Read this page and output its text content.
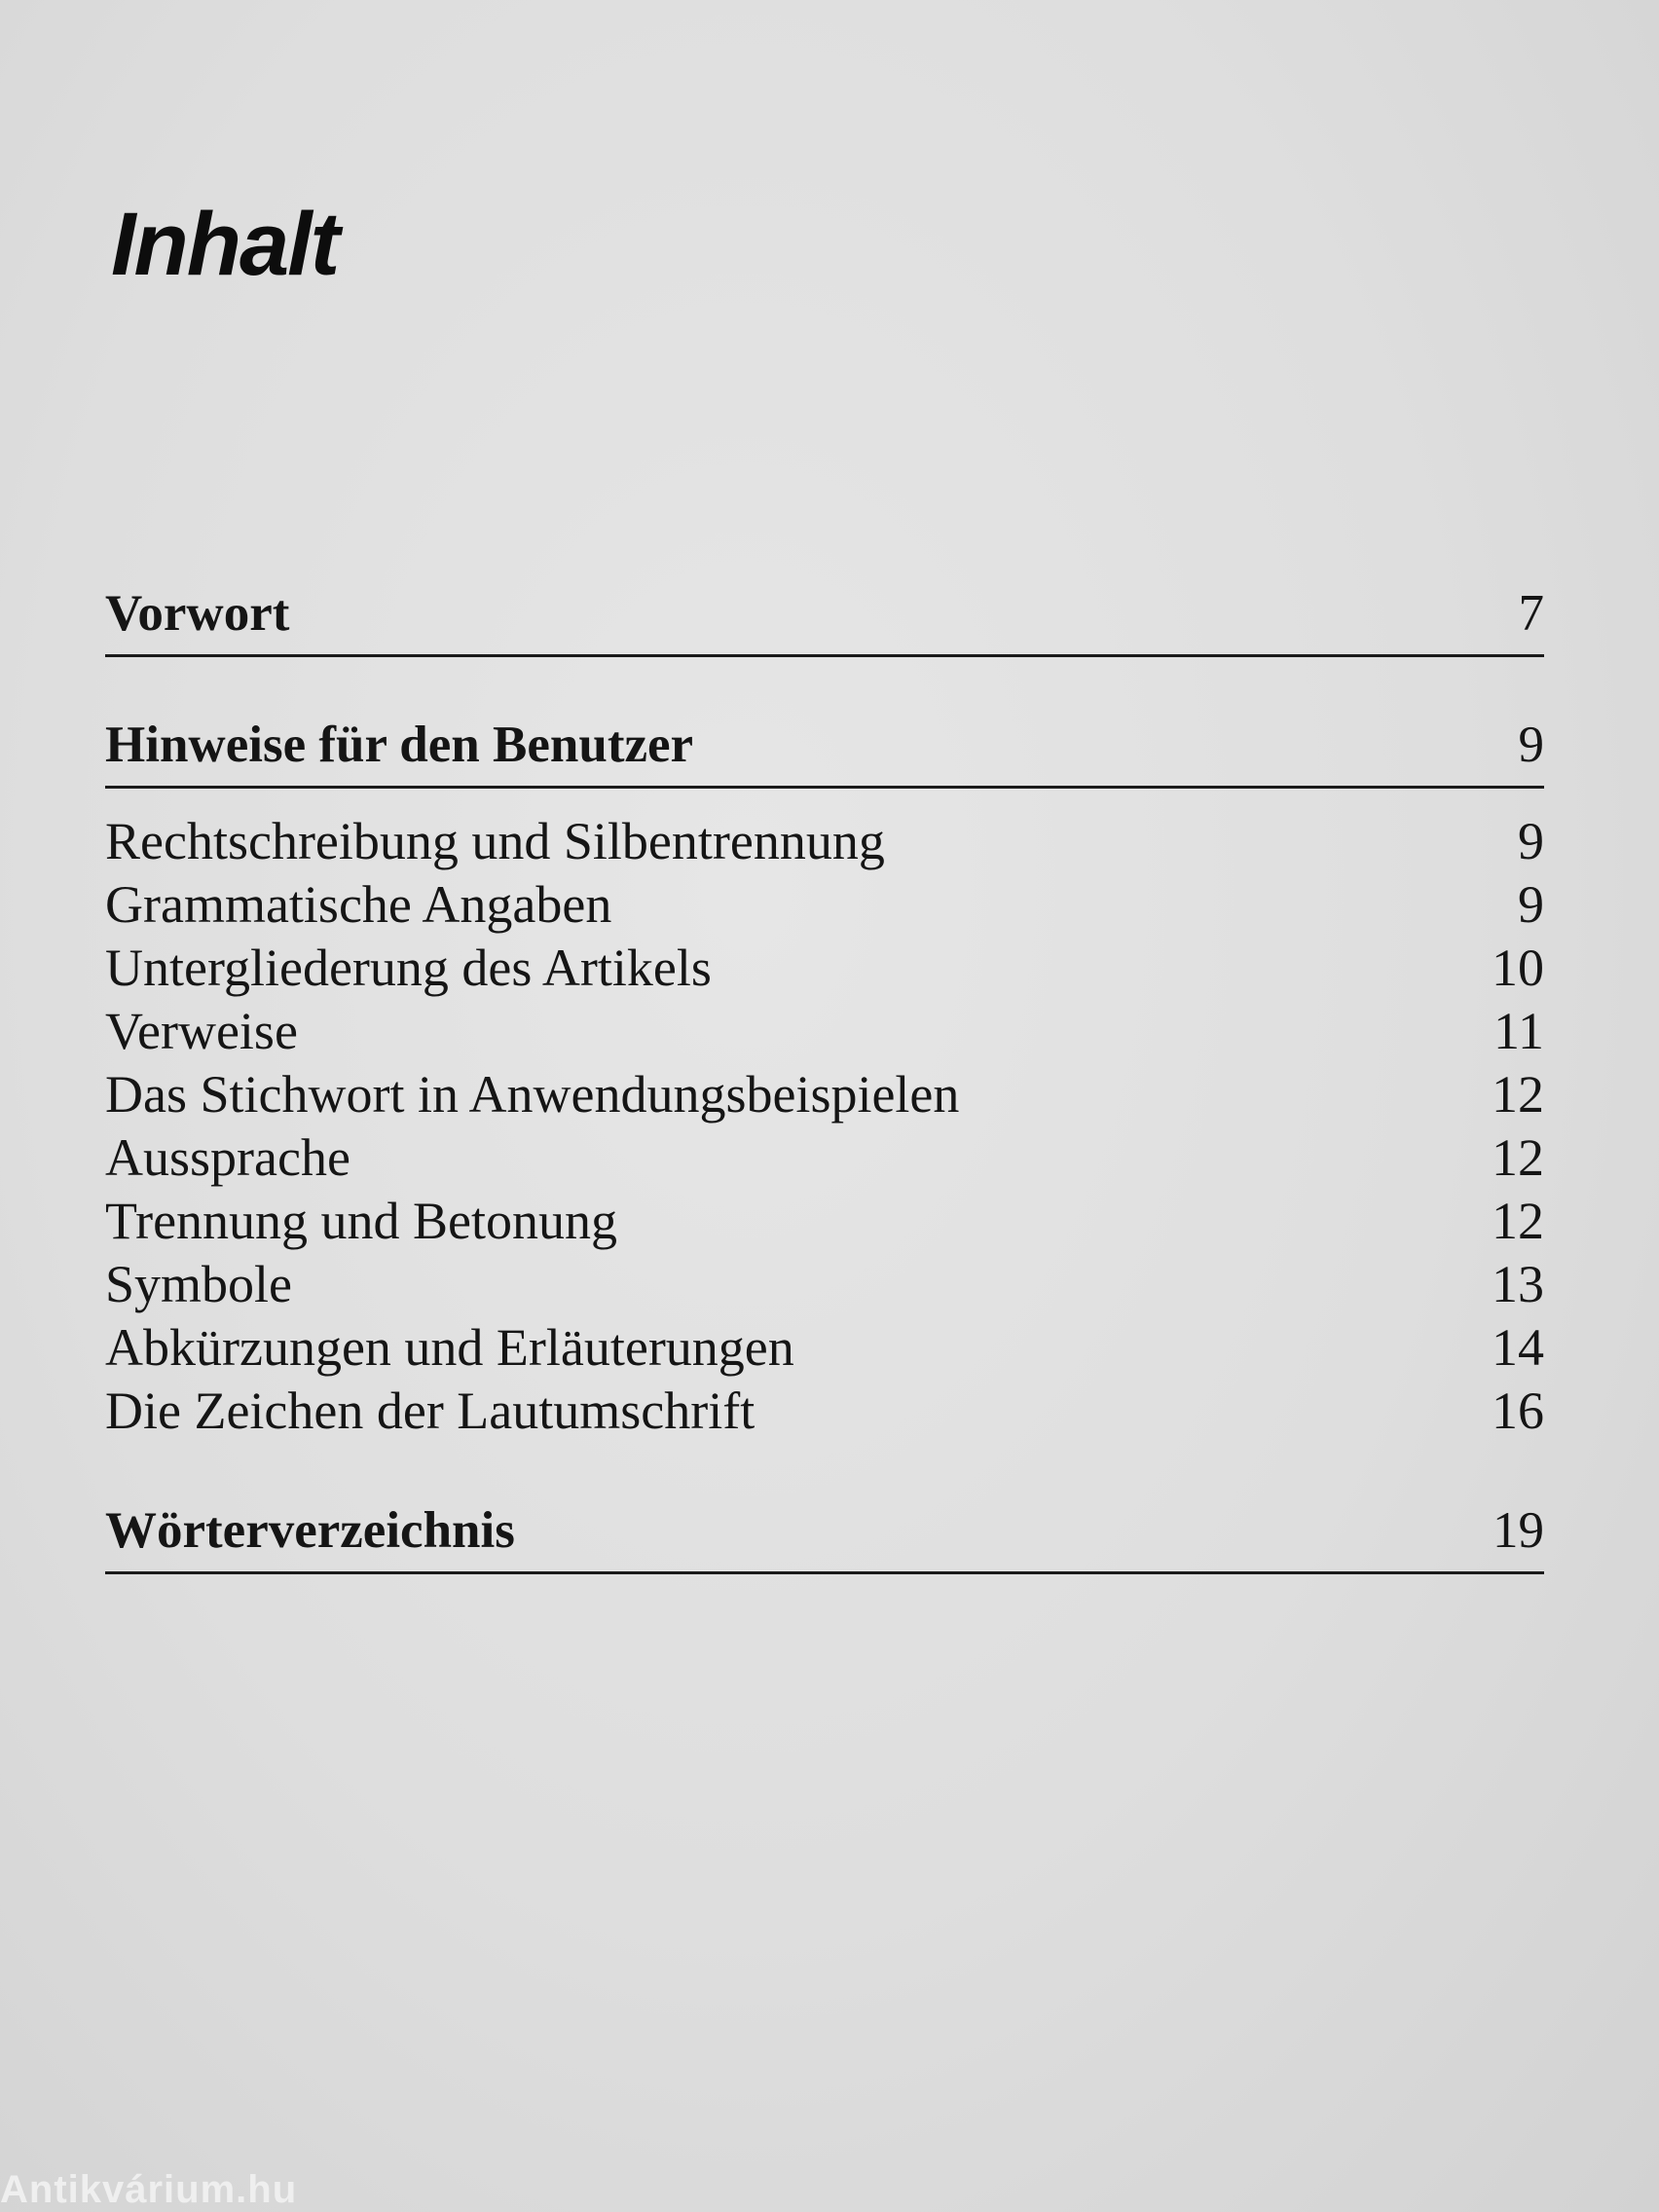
Inhalt
Vorwort	7
Hinweise für den Benutzer	9
Rechtschreibung und Silbentrennung	9
Grammatische Angaben	9
Untergliederung des Artikels	10
Verweise	11
Das Stichwort in Anwendungsbeispielen	12
Aussprache	12
Trennung und Betonung	12
Symbole	13
Abkürzungen und Erläuterungen	14
Die Zeichen der Lautumschrift	16
Wörterverzeichnis	19
Antikvárium.hu
